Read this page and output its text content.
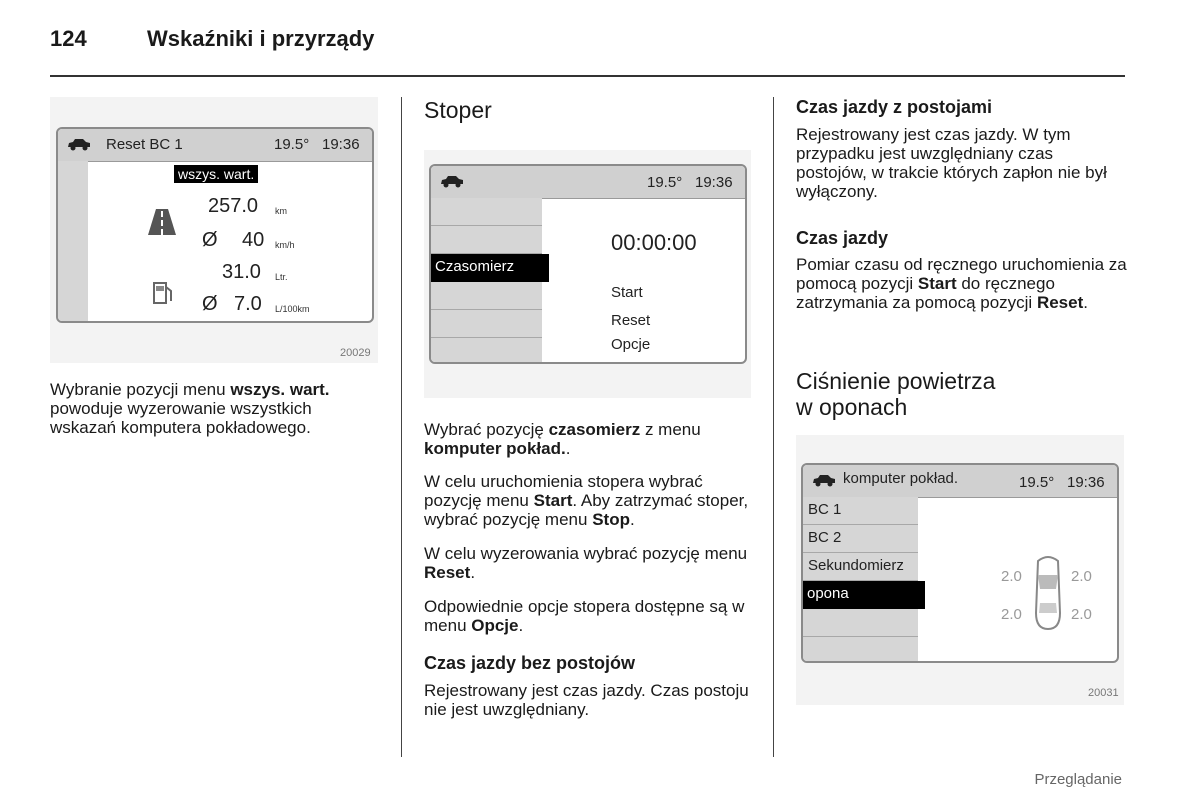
124	Wskaźniki i przyrządy
Reset BC 1	19.5° 19:36
wszys. wart.
257.0 km
Ø 40 km/h
31.0 Ltr.
Ø 7.0 L/100km
20029
Wybranie pozycji menu wszys. wart. powoduje wyzerowanie wszystkich wskazań komputera pokładowego.
Stoper
19.5° 19:36
Czasomierz
00:00:00
Start
Reset
Opcje
Wybrać pozycję czasomierz z menu komputer pokład..
W celu uruchomienia stopera wybrać pozycję menu Start. Aby zatrzymać stoper, wybrać pozycję menu Stop.
W celu wyzerowania wybrać pozycję menu Reset.
Odpowiednie opcje stopera dostępne są w menu Opcje.
Czas jazdy bez postojów
Rejestrowany jest czas jazdy. Czas postoju nie jest uwzględniany.
Czas jazdy z postojami
Rejestrowany jest czas jazdy. W tym przypadku jest uwzględniany czas postojów, w trakcie których zapłon nie był wyłączony.
Czas jazdy
Pomiar czasu od ręcznego uruchomienia za pomocą pozycji Start do ręcznego zatrzymania za pomocą pozycji Reset.
Ciśnienie powietrza
w oponach
komputer pokład.	19.5° 19:36
BC 1
BC 2
Sekundomierz
opona
2.0	2.0
2.0	2.0
20031
Przeglądanie
